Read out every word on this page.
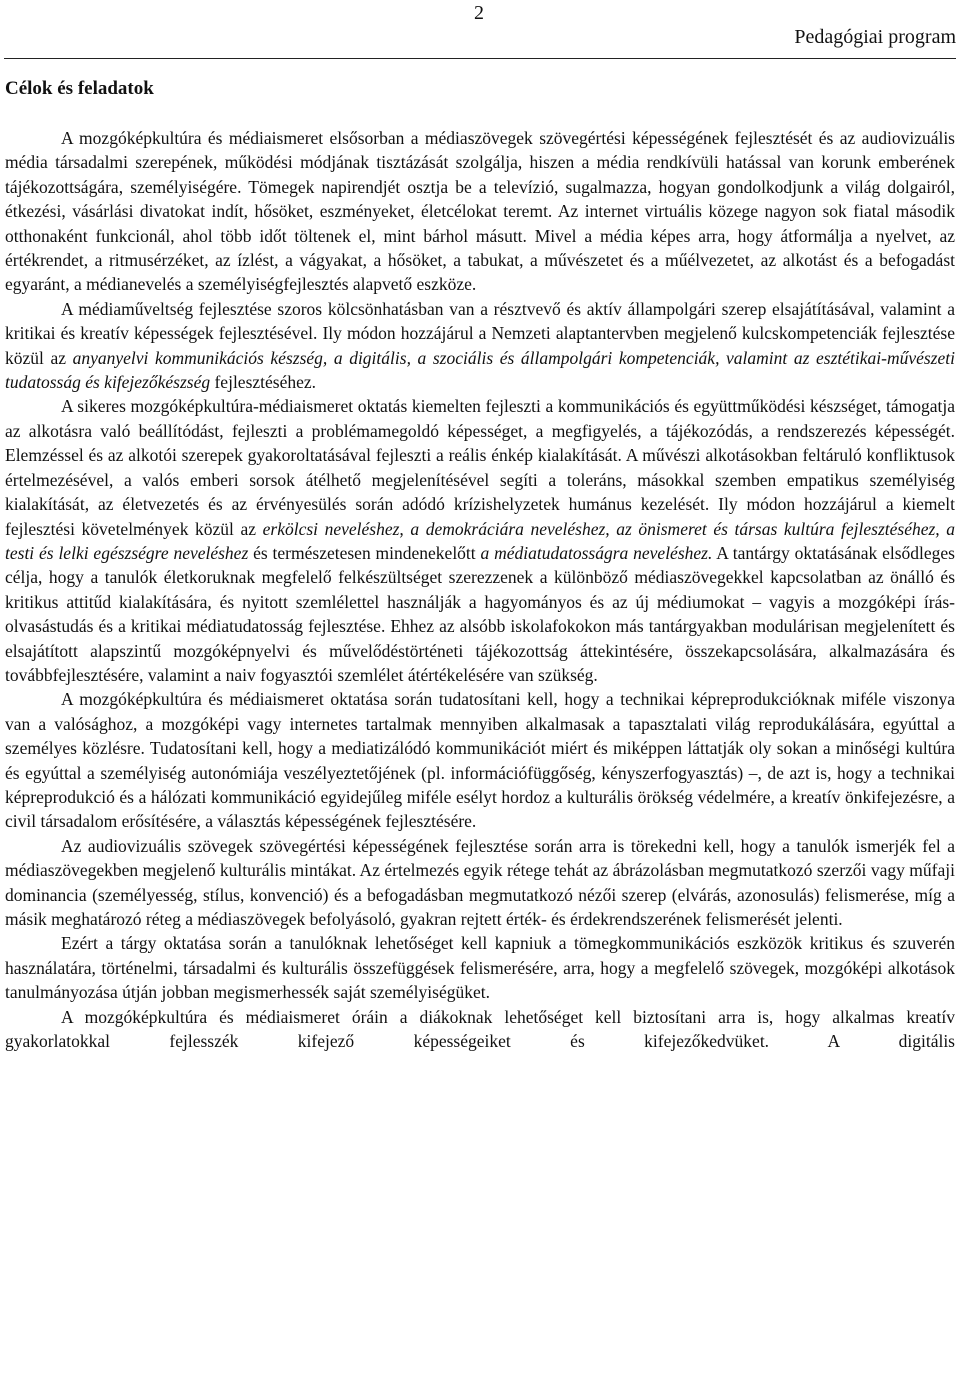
2
Pedagógiai program
Célok és feladatok

A mozgóképkultúra és médiaismeret elsősorban a médiaszövegek szövegértési képességének fejlesztését és az audiovizuális média társadalmi szerepének, működési módjának tisztázását szolgálja, hiszen a média rendkívüli hatással van korunk emberének tájékozottságára, személyiségére. Tömegek napirendjét osztja be a televízió, sugalmazza, hogyan gondolkodjunk a világ dolgairól, étkezési, vásárlási divatokat indít, hősöket, eszményeket, életcélokat teremt. Az internet virtuális közege nagyon sok fiatal második otthonaként funkcionál, ahol több időt töltenek el, mint bárhol másutt. Mivel a média képes arra, hogy átformálja a nyelvet, az értékrendet, a ritmusérzéket, az ízlést, a vágyakat, a hősöket, a tabukat, a művészetet és a műélvezetet, az alkotást és a befogadást egyaránt, a médianevelés a személyiségfejlesztés alapvető eszköze.

A médiaműveltség fejlesztése szoros kölcsönhatásban van a résztvevő és aktív állampolgári szerep elsajátításával, valamint a kritikai és kreatív képességek fejlesztésével. Ily módon hozzájárul a Nemzeti alaptantervben megjelenő kulcskompetenciák fejlesztése közül az anyanyelvi kommunikációs készség, a digitális, a szociális és állampolgári kompetenciák, valamint az esztétikai-művészeti tudatosság és kifejezőkészség fejlesztéséhez.

A sikeres mozgóképkultúra-médiaismeret oktatás kiemelten fejleszti a kommunikációs és együttműködési készséget, támogatja az alkotásra való beállítódást, fejleszti a problémamegoldó képességet, a megfigyelés, a tájékozódás, a rendszerezés képességét. Elemzéssel és az alkotói szerepek gyakoroltatásával fejleszti a reális énkép kialakítását. A művészi alkotásokban feltáruló konfliktusok értelmezésével, a valós emberi sorsok átélhető megjelenítésével segíti a toleráns, másokkal szemben empatikus személyiség kialakítását, az életvezetés és az érvényesülés során adódó krízishelyzetek humánus kezelését. Ily módon hozzájárul a kiemelt fejlesztési követelmények közül az erkölcsi neveléshez, a demokráciára neveléshez, az önismeret és társas kultúra fejlesztéséhez, a testi és lelki egészségre neveléshez és természetesen mindenekelőtt a médiatudatosságra neveléshez. A tantárgy oktatásának elsődleges célja, hogy a tanulók életkoruknak megfelelő felkészültséget szerezzenek a különböző médiaszövegekkel kapcsolatban az önálló és kritikus attitűd kialakítására, és nyitott szemlélettel használják a hagyományos és az új médiumokat – vagyis a mozgóképi írás-olvasástudás és a kritikai médiatudatosság fejlesztése. Ehhez az alsóbb iskolafokokon más tantárgyakban modulárisan megjelenített és elsajátított alapszintű mozgóképnyelvi és művelődéstörténeti tájékozottság áttekintésére, összekapcsolására, alkalmazására és továbbfejlesztésére, valamint a naiv fogyasztói szemlélet átértékelésére van szükség.

A mozgóképkultúra és médiaismeret oktatása során tudatosítani kell, hogy a technikai képreprodukcióknak miféle viszonya van a valósághoz, a mozgóképi vagy internetes tartalmak mennyiben alkalmasak a tapasztalati világ reprodukálására, egyúttal a személyes közlésre. Tudatosítani kell, hogy a mediatizálódó kommunikációt miért és miképpen láttatják oly sokan a minőségi kultúra és egyúttal a személyiség autonómiája veszélyeztetőjének (pl. információfüggőség, kényszerfogyasztás) –, de azt is, hogy a technikai képreprodukció és a hálózati kommunikáció egyidejűleg miféle esélyt hordoz a kulturális örökség védelmére, a kreatív önkifejezésre, a civil társadalom erősítésére, a választás képességének fejlesztésére.

Az audiovizuális szövegek szövegértési képességének fejlesztése során arra is törekedni kell, hogy a tanulók ismerjék fel a médiaszövegekben megjelenő kulturális mintákat. Az értelmezés egyik rétege tehát az ábrázolásban megmutatkozó szerzői vagy műfaji dominancia (személyesség, stílus, konvenció) és a befogadásban megmutatkozó nézői szerep (elvárás, azonosulás) felismerése, míg a másik meghatározó réteg a médiaszövegek befolyásoló, gyakran rejtett érték- és érdekrendszerének felismerését jelenti.

Ezért a tárgy oktatása során a tanulóknak lehetőséget kell kapniuk a tömegkommunikációs eszközök kritikus és szuverén használatára, történelmi, társadalmi és kulturális összefüggések felismerésére, arra, hogy a megfelelő szövegek, mozgóképi alkotások tanulmányozása útján jobban megismerhessék saját személyiségüket.

A mozgóképkultúra és médiaismeret óráin a diákoknak lehetőséget kell biztosítani arra is, hogy alkalmas kreatív gyakorlatokkal fejlesszék kifejező képességeiket és kifejezőkedvüket. A digitális
